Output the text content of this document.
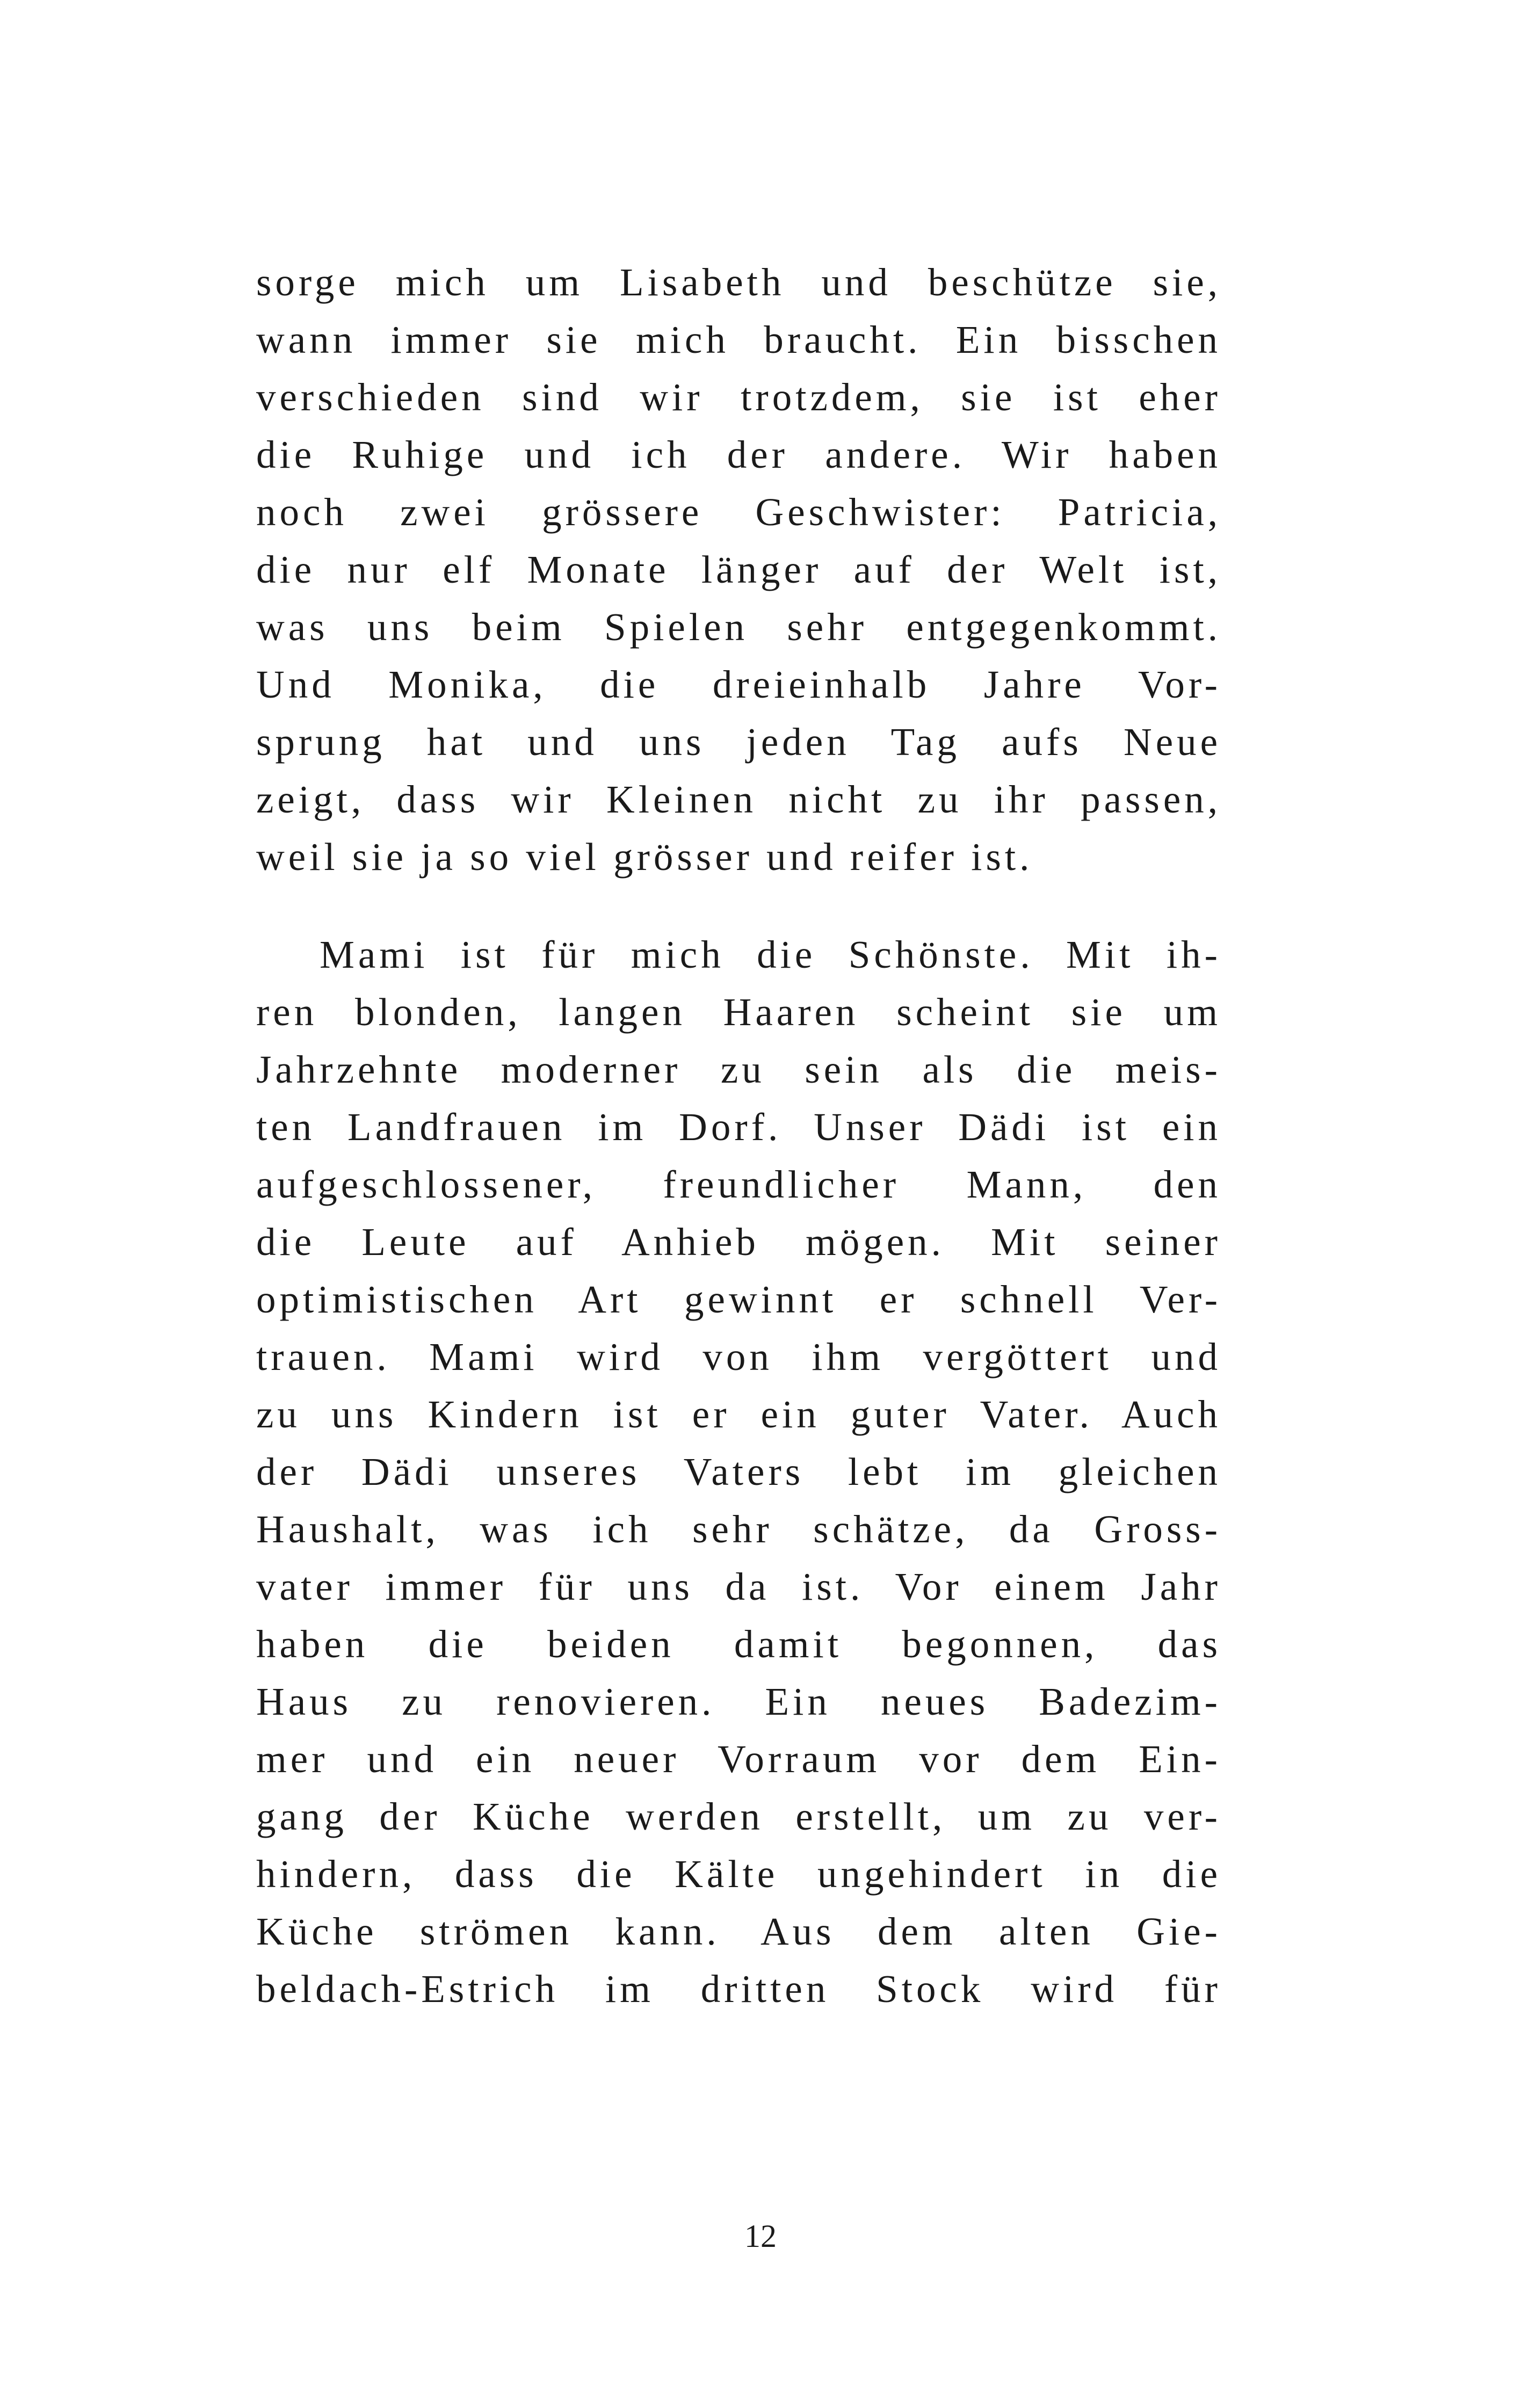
sorge mich um Lisabeth und beschütze sie,
wann immer sie mich braucht. Ein bisschen
verschieden sind wir trotzdem, sie ist eher
die Ruhige und ich der andere. Wir haben
noch zwei grössere Geschwister: Patricia,
die nur elf Monate länger auf der Welt ist,
was uns beim Spielen sehr entgegenkommt.
Und Monika, die dreieinhalb Jahre Vor-
sprung hat und uns jeden Tag aufs Neue
zeigt, dass wir Kleinen nicht zu ihr passen,
weil sie ja so viel grösser und reifer ist.
Mami ist für mich die Schönste. Mit ih-
ren blonden, langen Haaren scheint sie um
Jahrzehnte moderner zu sein als die meis-
ten Landfrauen im Dorf. Unser Dädi ist ein
aufgeschlossener, freundlicher Mann, den
die Leute auf Anhieb mögen. Mit seiner
optimistischen Art gewinnt er schnell Ver-
trauen. Mami wird von ihm vergöttert und
zu uns Kindern ist er ein guter Vater. Auch
der Dädi unseres Vaters lebt im gleichen
Haushalt, was ich sehr schätze, da Gross-
vater immer für uns da ist. Vor einem Jahr
haben die beiden damit begonnen, das
Haus zu renovieren. Ein neues Badezim-
mer und ein neuer Vorraum vor dem Ein-
gang der Küche werden erstellt, um zu ver-
hindern, dass die Kälte ungehindert in die
Küche strömen kann. Aus dem alten Gie-
beldach-Estrich im dritten Stock wird für
12
